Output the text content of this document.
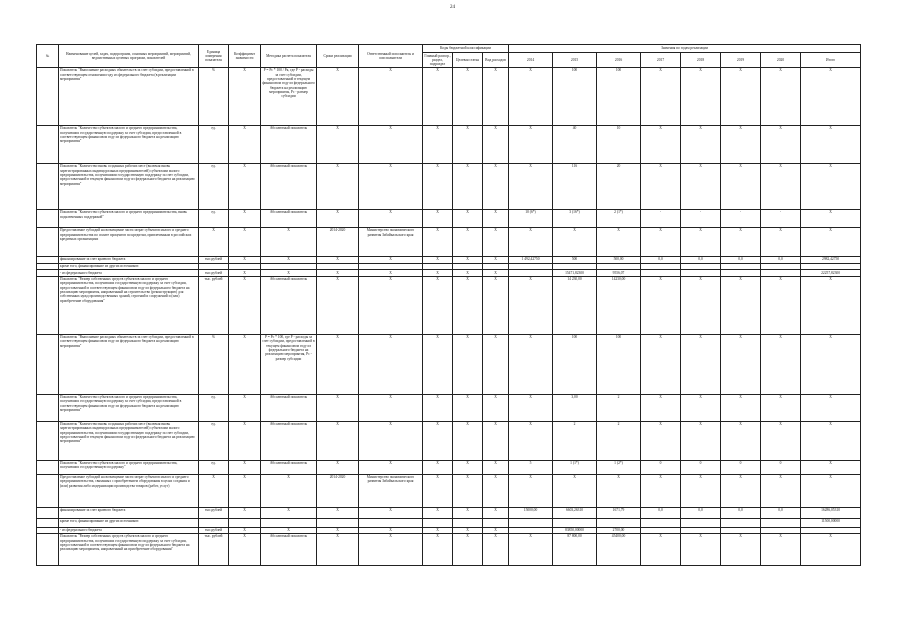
24
№	Наименование целей, задач, подпрограмм, основных мероприятий, мероприятий, ведомственных целевых программ, показателей	Единица измерения показателя	Коэффициент значимости	Методика расчета показателя	Сроки реализации	Ответственный исполнитель и соисполнители	Коды бюджетной классификации			Значения по годам реализации							
							Главный распор., раздел, подраздел	Целевая статья	Вид расходов	2014	2015	2016	2017	2018	2019	2020	Итого
	Показатель "Выполнение расходных обязательств за счет субсидии, предоставленной в соответствующем отношении году из федерального бюджета (в реализации мероприятия"	%	X	P = Рс * 100 / Рк, где Р - расходы за счет субсидии, предоставленной в текущем финансовом году из федерального бюджета на реализацию мероприятия, Рс - размер субсидии	X	X	X	X	X	X	100	100	X	X	X	X	X
	Показатель "Количество субъектов малого и среднего предпринимательства, получивших государственную поддержку за счет субсидии, предоставленной в соответствующем финансовом году из федерального бюджета на реализацию мероприятия"	ед.	X	Абсолютный показатель	X	X	X	X	X	X	40	10	X	X	X	X	X
	Показатель "Количество вновь созданных рабочих мест (включая вновь зарегистрированных индивидуальных предпринимателей) субъектами малого предпринимательства, получившими государственную поддержку за счет субсидии, предоставленной в текущем финансовом году из федерального бюджета на реализацию мероприятия"	ед.	X	Абсолютный показатель	X	X	X	X	X	X	116	20	X	X	X	X	X
	Показатель "Количество субъектов малого и среднего предпринимательства, вновь подключенных поддержкой"	ед.	X	Абсолютный показатель	X	X	X	X	X	10 (6*)	3 (16*)	2 (1*)	-	-	-	-	X
	Предоставление субсидий на возмещение части затрат субъектов малого и среднего предпринимательства по оплате процентов по кредитам, привлеченным в российских кредитных организациях	X	X	X	2014-2020	Министерство экономического развития Забайкальского края	X	X	X	X	X	X	X	X	X	X	X
	финансирование за счет краевого бюджета	тыс.рублей	X	X	X	X	X	X	X	1 492,42750	500	500,00	0,0	0,0	0,0	0,0	2982,42750
	кроме того, финансирование из других источников:																
	- из федерального бюджета	тыс.рублей	X	X	X	X	X	X	X		15471,82300	9556,07					22257,82300
	Показатель "Размер собственных средств субъектов малого и среднего предпринимательства, получивших государственную поддержку за счет субсидии, предоставленной в соответствующем финансовом году из федерального бюджета на реализацию мероприятия, направленный на строительство (реконструкцию) для собственных нужд производственных зданий, строений и сооружений и (или) приобретение оборудования"	тыс. рублей	X	Абсолютный показатель	X	X	X	X	X	X	14 230,00	14230,00	X	X	X	X	X
	Показатель "Выполнение расходных обязательств за счет субсидии, предоставленной в соответствующем финансовом году из федерального бюджета на реализацию мероприятия"	%	X	P = Рс * 100, где Р - расходы за счет субсидии, предоставленной в текущем финансовом году из федерального бюджета на реализацию мероприятия, Рс - размер субсидии	X	X	X	X	X	X	100	100	X	X	X	X	X
	Показатель "Количество субъектов малого и среднего предпринимательства, получивших государственную поддержку за счет субсидии, предоставленной в соответствующем финансовом году из федерального бюджета на реализацию мероприятия"	ед.	X	Абсолютный показатель	X	X	X	X	X	X	3,00	2	X	X	X	X	X
	Показатель "Количество вновь созданных рабочих мест (включая вновь зарегистрированных индивидуальных предпринимателей) субъектами малого предпринимательства, получившими государственную поддержку за счет субсидии, предоставленной в текущем финансовом году из федерального бюджета на реализацию мероприятия"	ед.	X	Абсолютный показатель	X	X	X	X	X	X	2	2	X	X	X	X	X
	Показатель "Количество субъектов малого и среднего предпринимательства, получивших государственную поддержку"	ед.	X	Абсолютный показатель	X	X	X	X	X	5	1 (1*)	1 (2*)	0	0	0	0	X
	Предоставление субсидий на возмещение части затрат субъектов малого и среднего предпринимательства, связанных с приобретением оборудования в целях создания и (или) развития либо модернизации производства товаров (работ, услуг)	X	X	X	2014-2020	Министерство экономического развития Забайкальского края	X	X	X	X	X	X	X	X	X	X	X
	финансирование за счет краевого бюджета	тыс.рублей	X	X	X	X	X	X	X	15000,00	6603,26310	1671,79	0,0	0,0	0,0	0,0	16286,05310
	кроме того, финансирование из других источников:																11500,00000
	- из федерального бюджета	тыс.рублей	X	X	X	X	X	X	X		83850,00000	2700,00					
	Показатель "Размер собственных средств субъектов малого и среднего предпринимательства, получивших государственную поддержку за счет субсидии, предоставленной в соответствующем финансовом году из федерального бюджета на реализацию мероприятия, направленный на приобретение оборудования"	тыс. рублей	X	Абсолютный показатель	X	X	X	X	X	X	87 800,00	45400,00	X	X	X	X	X
